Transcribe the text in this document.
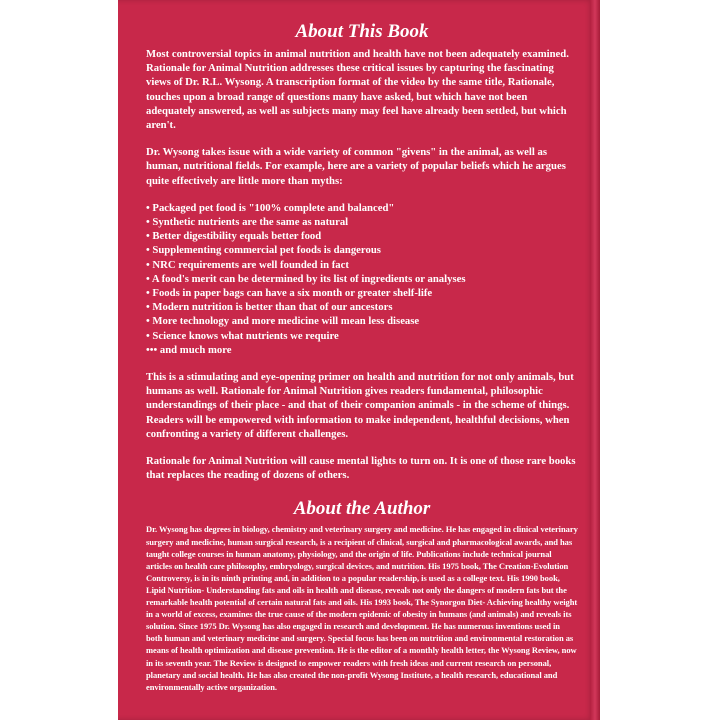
About This Book

Most controversial topics in animal nutrition and health have not been adequately examined. Rationale for Animal Nutrition addresses these critical issues by capturing the fascinating views of Dr. R.L. Wysong. A transcription format of the video by the same title, Rationale, touches upon a broad range of questions many have asked, but which have not been adequately answered, as well as subjects many may feel have already been settled, but which aren't.

Dr. Wysong takes issue with a wide variety of common "givens" in the animal, as well as human, nutritional fields. For example, here are a variety of popular beliefs which he argues quite effectively are little more than myths:

• Packaged pet food is "100% complete and balanced"
• Synthetic nutrients are the same as natural
• Better digestibility equals better food
• Supplementing commercial pet foods is dangerous
• NRC requirements are well founded in fact
• A food's merit can be determined by its list of ingredients or analyses
• Foods in paper bags can have a six month or greater shelf-life
• Modern nutrition is better than that of our ancestors
• More technology and more medicine will mean less disease
• Science knows what nutrients we require
••• and much more

This is a stimulating and eye-opening primer on health and nutrition for not only animals, but humans as well. Rationale for Animal Nutrition gives readers fundamental, philosophic understandings of their place - and that of their companion animals - in the scheme of things. Readers will be empowered with information to make independent, healthful decisions, when confronting a variety of different challenges.

Rationale for Animal Nutrition will cause mental lights to turn on. It is one of those rare books that replaces the reading of dozens of others.

About the Author

Dr. Wysong has degrees in biology, chemistry and veterinary surgery and medicine. He has engaged in clinical veterinary surgery and medicine, human surgical research, is a recipient of clinical, surgical and pharmacological awards, and has taught college courses in human anatomy, physiology, and the origin of life. Publications include technical journal articles on health care philosophy, embryology, surgical devices, and nutrition. His 1975 book, The Creation-Evolution Controversy, is in its ninth printing and, in addition to a popular readership, is used as a college text. His 1990 book, Lipid Nutrition- Understanding fats and oils in health and disease, reveals not only the dangers of modern fats but the remarkable health potential of certain natural fats and oils. His 1993 book, The Synorgon Diet- Achieving healthy weight in a world of excess, examines the true cause of the modern epidemic of obesity in humans (and animals) and reveals its solution. Since 1975 Dr. Wysong has also engaged in research and development. He has numerous inventions used in both human and veterinary medicine and surgery. Special focus has been on nutrition and environmental restoration as means of health optimization and disease prevention. He is the editor of a monthly health letter, the Wysong Review, now in its seventh year. The Review is designed to empower readers with fresh ideas and current research on personal, planetary and social health. He has also created the non-profit Wysong Institute, a health research, educational and environmentally active organization.
